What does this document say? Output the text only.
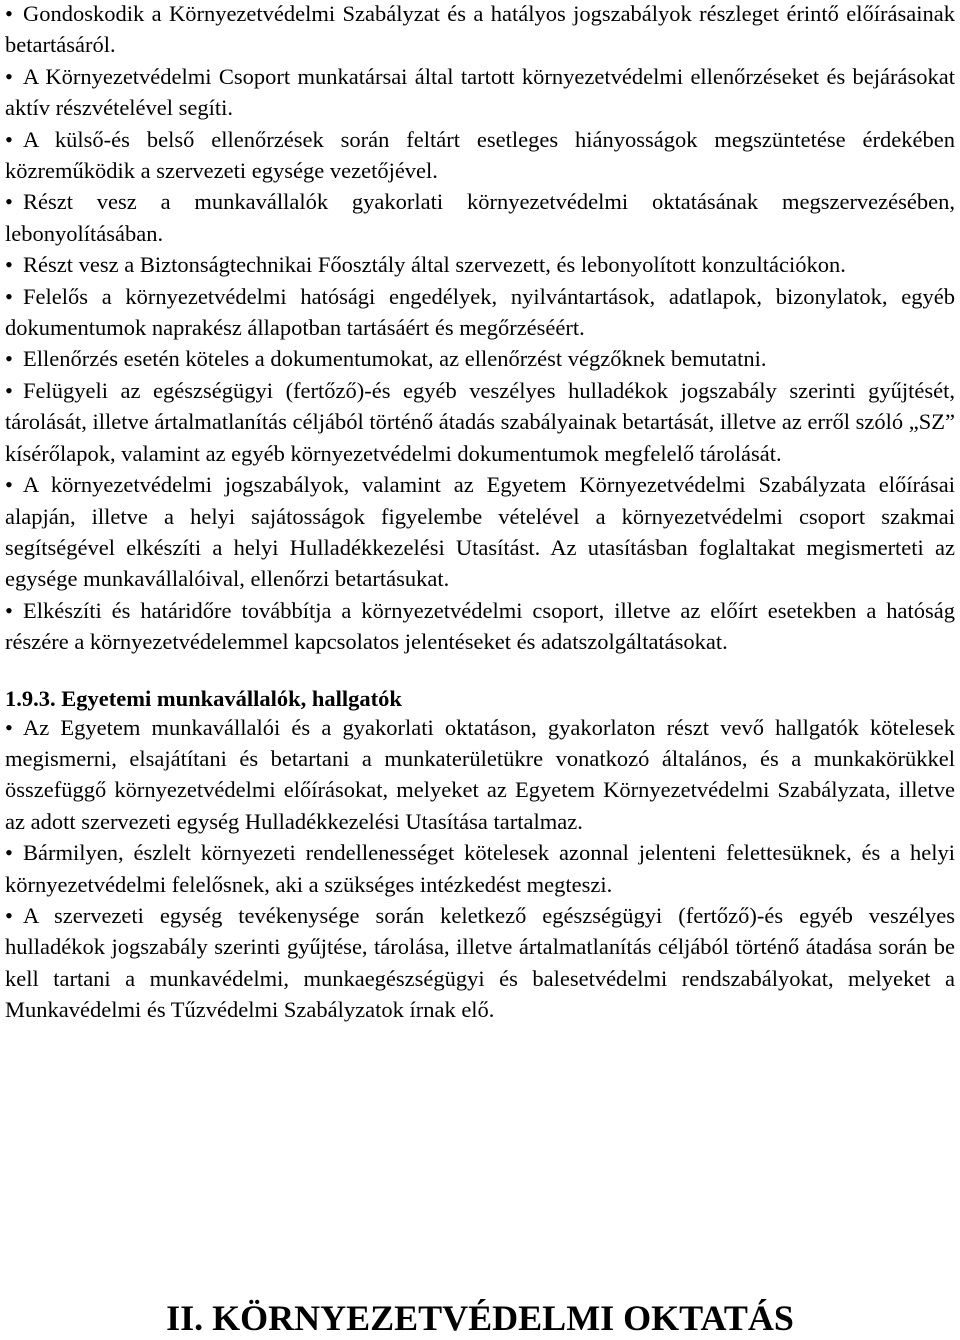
• Gondoskodik a Környezetvédelmi Szabályzat és a hatályos jogszabályok részleget érintő előírásainak betartásáról.

• A Környezetvédelmi Csoport munkatársai által tartott környezetvédelmi ellenőrzéseket és bejárásokat aktív részvételével segíti.

• A külső-és belső ellenőrzések során feltárt esetleges hiányosságok megszüntetése érdekében közreműködik a szervezeti egysége vezetőjével.

• Részt vesz a munkavállalók gyakorlati környezetvédelmi oktatásának megszervezésében, lebonyolításában.

• Részt vesz a Biztonságtechnikai Főosztály által szervezett, és lebonyolított konzultációkon.

• Felelős a környezetvédelmi hatósági engedélyek, nyilvántartások, adatlapok, bizonylatok, egyéb dokumentumok naprakész állapotban tartásáért és megőrzéséért.

• Ellenőrzés esetén köteles a dokumentumokat, az ellenőrzést végzőknek bemutatni.

• Felügyeli az egészségügyi (fertőző)-és egyéb veszélyes hulladékok jogszabály szerinti gyűjtését, tárolását, illetve ártalmatlanítás céljából történő átadás szabályainak betartását, illetve az erről szóló „SZ” kísérőlapok, valamint az egyéb környezetvédelmi dokumentumok megfelelő tárolását.

• A környezetvédelmi jogszabályok, valamint az Egyetem Környezetvédelmi Szabályzata előírásai alapján, illetve a helyi sajátosságok figyelembe vételével a környezetvédelmi csoport szakmai segítségével elkészíti a helyi Hulladékkezelési Utasítást. Az utasításban foglaltakat megismerteti az egysége munkavállalóival, ellenőrzi betartásukat.

• Elkészíti és határidőre továbbítja a környezetvédelmi csoport, illetve az előírt esetekben a hatóság részére a környezetvédelemmel kapcsolatos jelentéseket és adatszolgáltatásokat.

1.9.3. Egyetemi munkavállalók, hallgatók

• Az Egyetem munkavállalói és a gyakorlati oktatáson, gyakorlaton részt vevő hallgatók kötelesek megismerni, elsajátítani és betartani a munkaterületükre vonatkozó általános, és a munkakörükkel összefüggő környezetvédelmi előírásokat, melyeket az Egyetem Környezetvédelmi Szabályzata, illetve az adott szervezeti egység Hulladékkezelési Utasítása tartalmaz.

• Bármilyen, észlelt környezeti rendellenességet kötelesek azonnal jelenteni felettesüknek, és a helyi környezetvédelmi felelősnek, aki a szükséges intézkedést megteszi.

• A szervezeti egység tevékenysége során keletkező egészségügyi (fertőző)-és egyéb veszélyes hulladékok jogszabály szerinti gyűjtése, tárolása, illetve ártalmatlanítás céljából történő átadása során be kell tartani a munkavédelmi, munkaegészségügyi és balesetvédelmi rendszabályokat, melyeket a Munkavédelmi és Tűzvédelmi Szabályzatok írnak elő.

II. KÖRNYEZETVÉDELMI OKTATÁS
